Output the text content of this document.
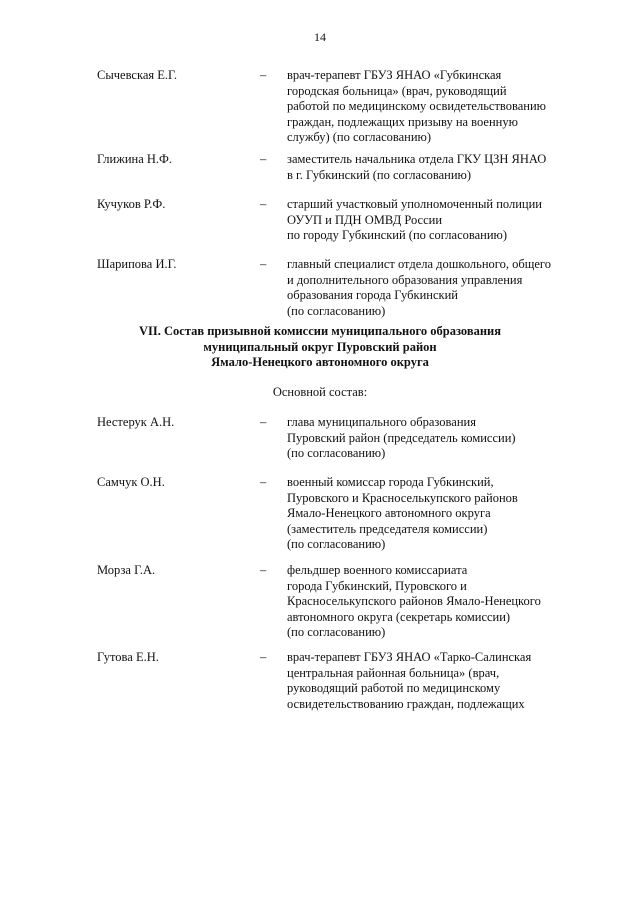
14
Сычевская Е.Г.	– врач-терапевт ГБУЗ ЯНАО «Губкинская
городская больница» (врач, руководящий
работой по медицинскому освидетельствованию
граждан, подлежащих призыву на военную
службу) (по согласованию)
Глижина Н.Ф.	– заместитель начальника отдела ГКУ ЦЗН ЯНАО
в г. Губкинский (по согласованию)
Кучуков Р.Ф.	– старший участковый уполномоченный полиции
ОУУП и ПДН ОМВД России
по городу Губкинский (по согласованию)
Шарипова И.Г.	– главный специалист отдела дошкольного, общего
и дополнительного образования управления
образования города Губкинский
(по согласованию)
VII. Состав призывной комиссии муниципального образования
муниципальный округ Пуровский район
Ямало-Ненецкого автономного округа
Основной состав:
Нестерук А.Н.	– глава муниципального образования
Пуровский район (председатель комиссии)
(по согласованию)
Самчук О.Н.	– военный комиссар города Губкинский,
Пуровского и Красноселькупского районов
Ямало-Ненецкого автономного округа
(заместитель председателя комиссии)
(по согласованию)
Морза Г.А.	– фельдшер военного комиссариата
города Губкинский, Пуровского и
Красноселькупского районов Ямало-Ненецкого
автономного округа (секретарь комиссии)
(по согласованию)
Гутова Е.Н.	– врач-терапевт ГБУЗ ЯНАО «Тарко-Салинская
центральная районная больница» (врач,
руководящий работой по медицинскому
освидетельствованию граждан, подлежащих
